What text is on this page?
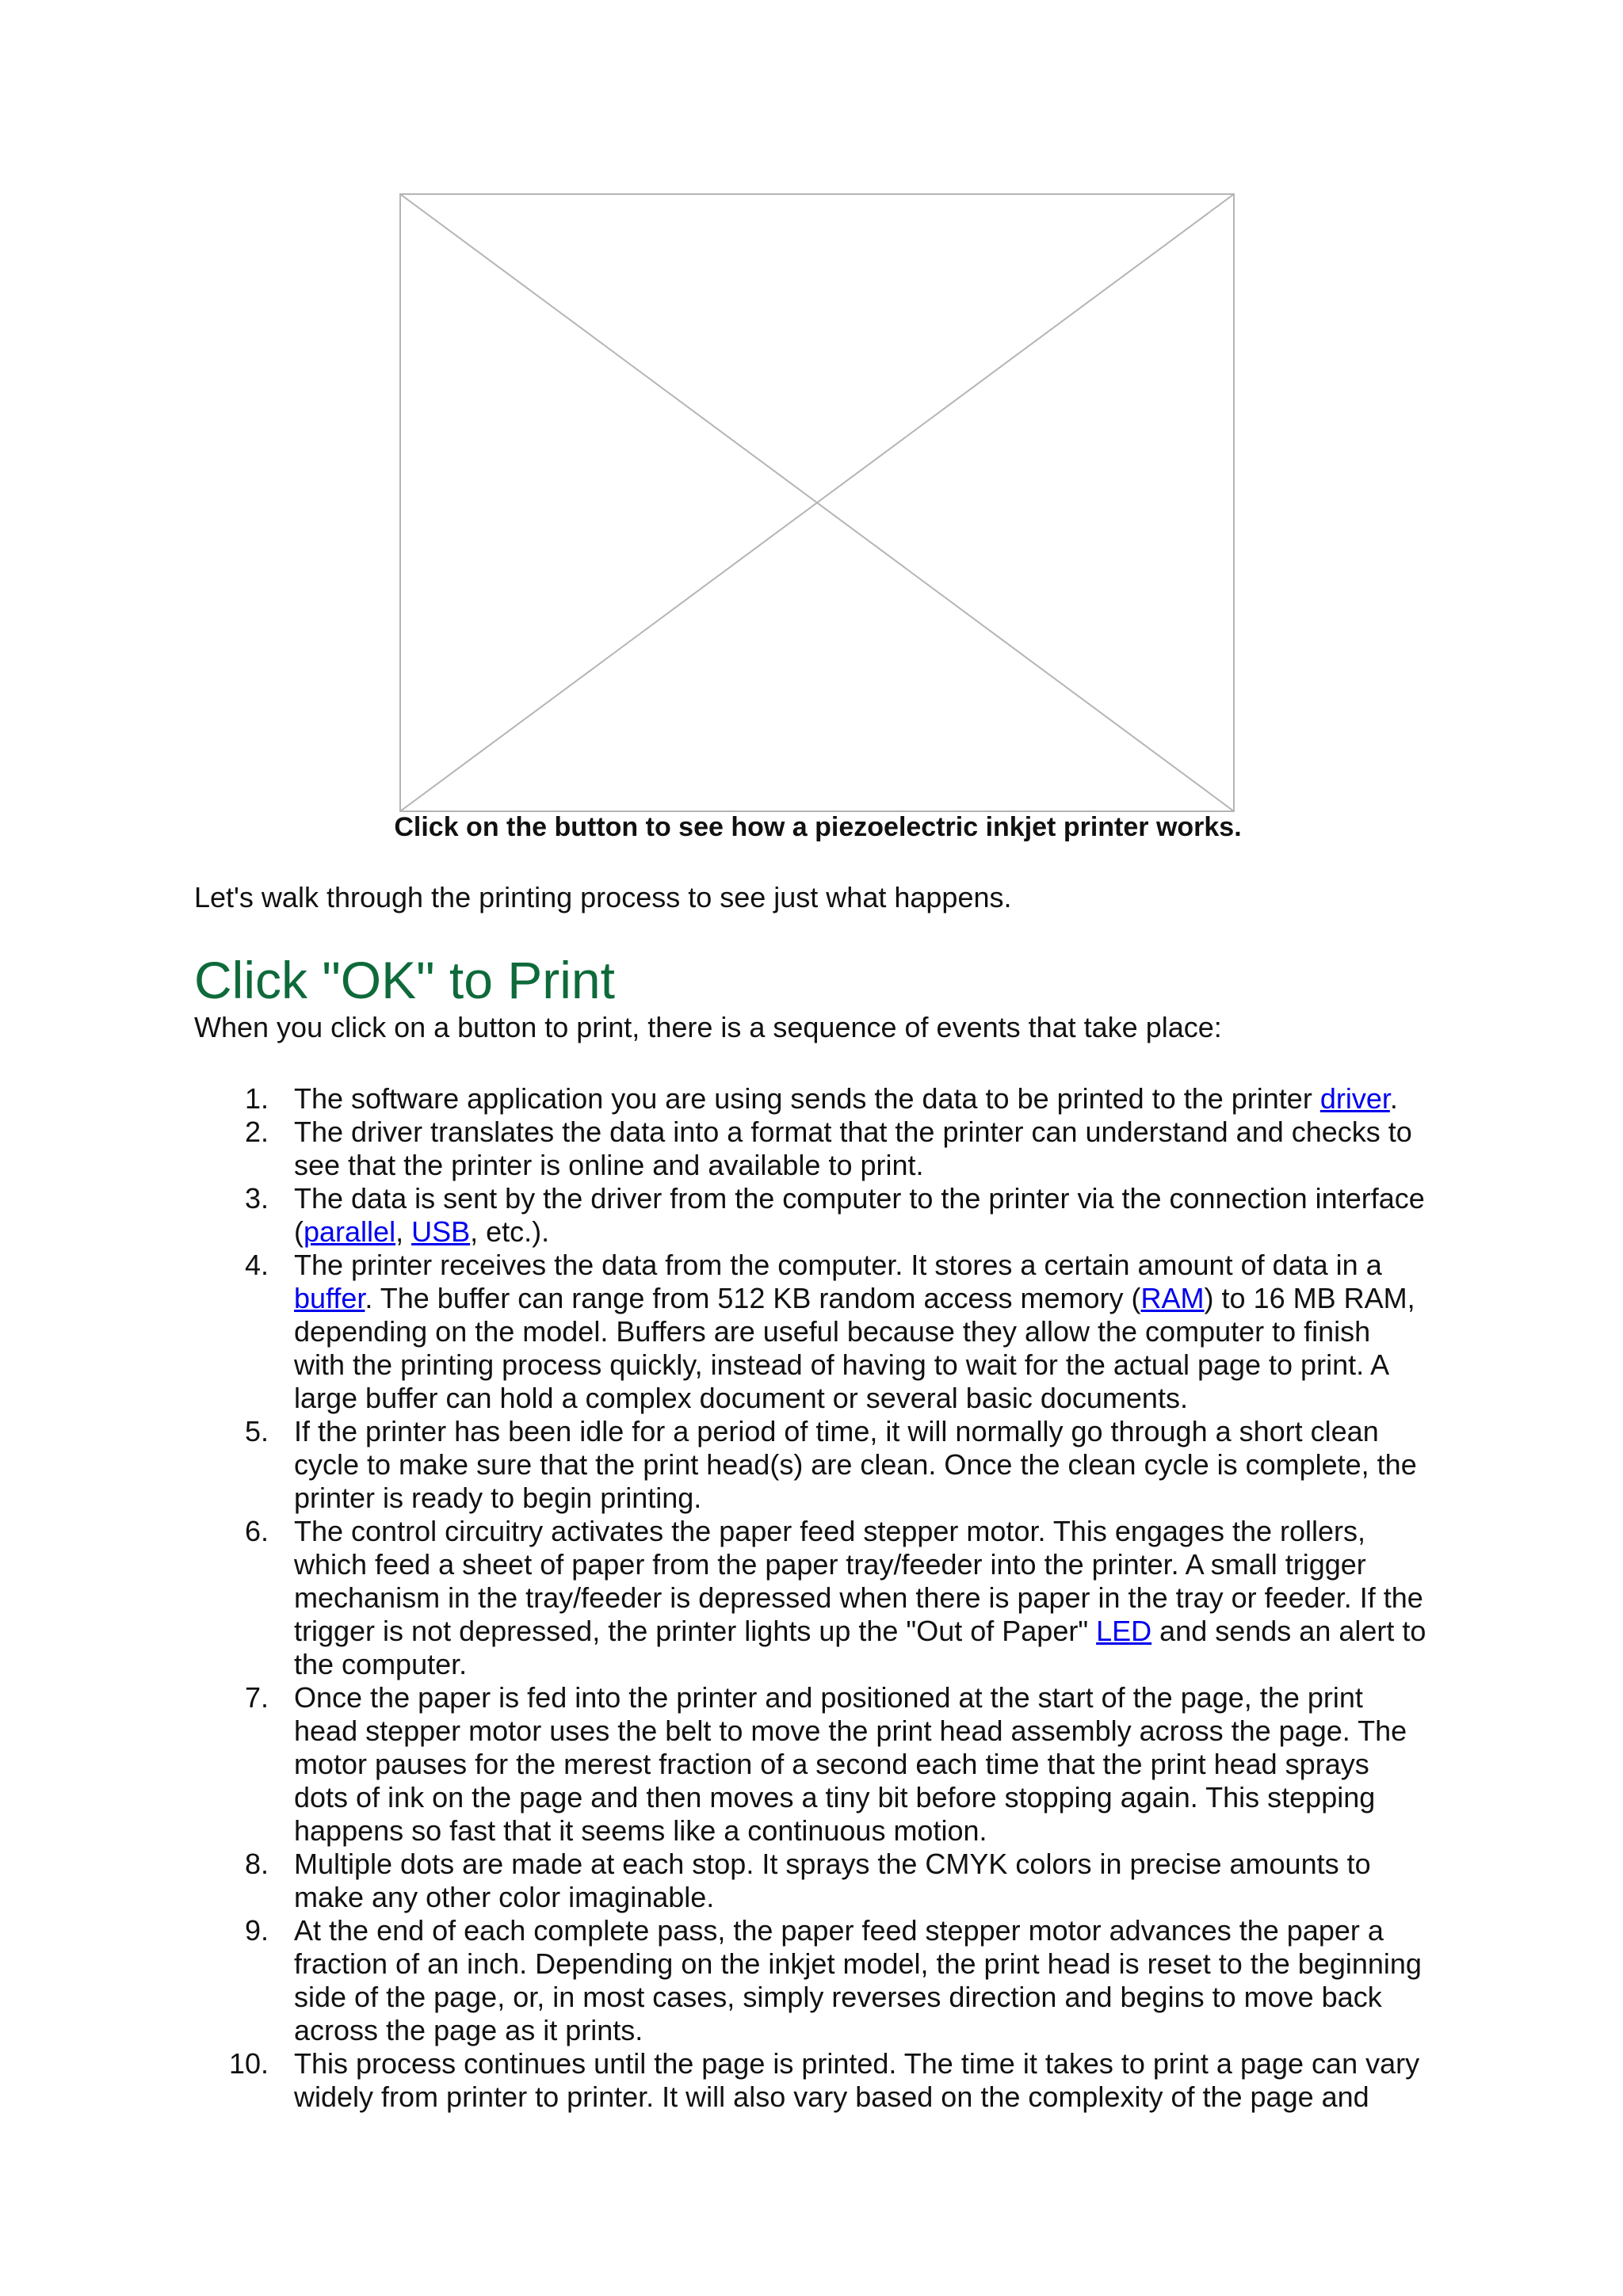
Click on the button to see how a piezoelectric inkjet printer works.

Let's walk through the printing process to see just what happens.

Click "OK" to Print

When you click on a button to print, there is a sequence of events that take place:

1. The software application you are using sends the data to be printed to the printer driver.
2. The driver translates the data into a format that the printer can understand and checks to
see that the printer is online and available to print.
3. The data is sent by the driver from the computer to the printer via the connection interface
(parallel, USB, etc.).
4. The printer receives the data from the computer. It stores a certain amount of data in a
buffer. The buffer can range from 512 KB random access memory (RAM) to 16 MB RAM,
depending on the model. Buffers are useful because they allow the computer to finish
with the printing process quickly, instead of having to wait for the actual page to print. A
large buffer can hold a complex document or several basic documents.
5. If the printer has been idle for a period of time, it will normally go through a short clean
cycle to make sure that the print head(s) are clean. Once the clean cycle is complete, the
printer is ready to begin printing.
6. The control circuitry activates the paper feed stepper motor. This engages the rollers,
which feed a sheet of paper from the paper tray/feeder into the printer. A small trigger
mechanism in the tray/feeder is depressed when there is paper in the tray or feeder. If the
trigger is not depressed, the printer lights up the "Out of Paper" LED and sends an alert to
the computer.
7. Once the paper is fed into the printer and positioned at the start of the page, the print
head stepper motor uses the belt to move the print head assembly across the page. The
motor pauses for the merest fraction of a second each time that the print head sprays
dots of ink on the page and then moves a tiny bit before stopping again. This stepping
happens so fast that it seems like a continuous motion.
8. Multiple dots are made at each stop. It sprays the CMYK colors in precise amounts to
make any other color imaginable.
9. At the end of each complete pass, the paper feed stepper motor advances the paper a
fraction of an inch. Depending on the inkjet model, the print head is reset to the beginning
side of the page, or, in most cases, simply reverses direction and begins to move back
across the page as it prints.
10. This process continues until the page is printed. The time it takes to print a page can vary
widely from printer to printer. It will also vary based on the complexity of the page and
